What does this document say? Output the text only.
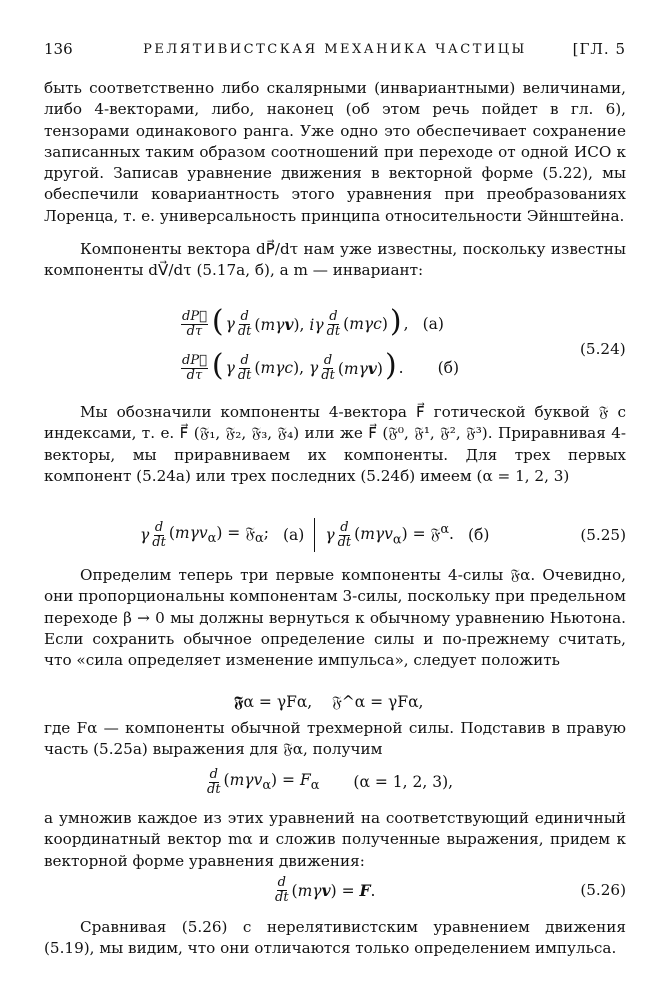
136	РЕЛЯТИВИСТСКАЯ МЕХАНИКА ЧАСТИЦЫ	[ГЛ. 5

быть соответственно либо скалярными (инвариантными) величинами, либо 4-векторами, либо, наконец (об этом речь пойдет в гл. 6), тензорами одинакового ранга. Уже одно это обеспечивает сохранение записанных таким образом соотношений при переходе от одной ИСО к другой. Записав уравнение движения в векторной форме (5.22), мы обеспечили ковариантность этого уравнения при преобразованиях Лоренца, т. е. универсальность принципа относительности Эйнштейна.

Компоненты вектора dP⃗/dτ нам уже известны, поскольку известны компоненты dV⃗/dτ (5.17а, б), а m — инвариант:

$\frac{dP⃗}{d\tau}$ ( γ $\frac{d}{dt} (m\gamma v)$, iγ $\frac{d}{dt} (m\gamma c)$ ) , (а)
$\frac{dP⃗}{d\tau}$ ( γ $\frac{d}{dt} (m\gamma c)$, γ $\frac{d}{dt} (m\gamma v)$ ) . (б)
(5.24)

Мы обозначили компоненты 4-вектора F⃗ готической буквой 𝔉 с индексами, т. е. F⃗ (𝔉₁, 𝔉₂, 𝔉₃, 𝔉₄) или же F⃗ (𝔉⁰, 𝔉¹, 𝔉², 𝔉³). Приравнивая 4-векторы, мы приравниваем их компоненты. Для трех первых компонент (5.24а) или трех последних (5.24б) имеем (α = 1, 2, 3)

γ $\frac{d}{dt} (m\gamma v_\alpha)$ = 𝔉$_\alpha$; (а) γ $\frac{d}{dt} (m\gamma v_\alpha)$ = 𝔉$^\alpha$. (б)	(5.25)

Определим теперь три первые компоненты 4-силы 𝔉α. Очевидно, они пропорциональны компонентам 3-силы, поскольку при предельном переходе β → 0 мы должны вернуться к обычному уравнению Ньютона. Если сохранить обычное определение силы и по-прежнему считать, что «сила определяет изменение импульса», следует положить

𝕱α = γFα,    𝔉^α = γFα,

где Fα — компоненты обычной трехмерной силы. Подставив в правую часть (5.25а) выражения для 𝔉α, получим

$\frac{d}{dt} (m\gamma v_\alpha) = F_\alpha$ (α = 1, 2, 3),

а умножив каждое из этих уравнений на соответствующий единичный координатный вектор mα и сложив полученные выражения, придем к векторной форме уравнения движения:

$\frac{d}{dt} (m\gamma v) = F$.	(5.26)

Сравнивая (5.26) с нерелятивистским уравнением движения (5.19), мы видим, что они отличаются только определением импульса.
